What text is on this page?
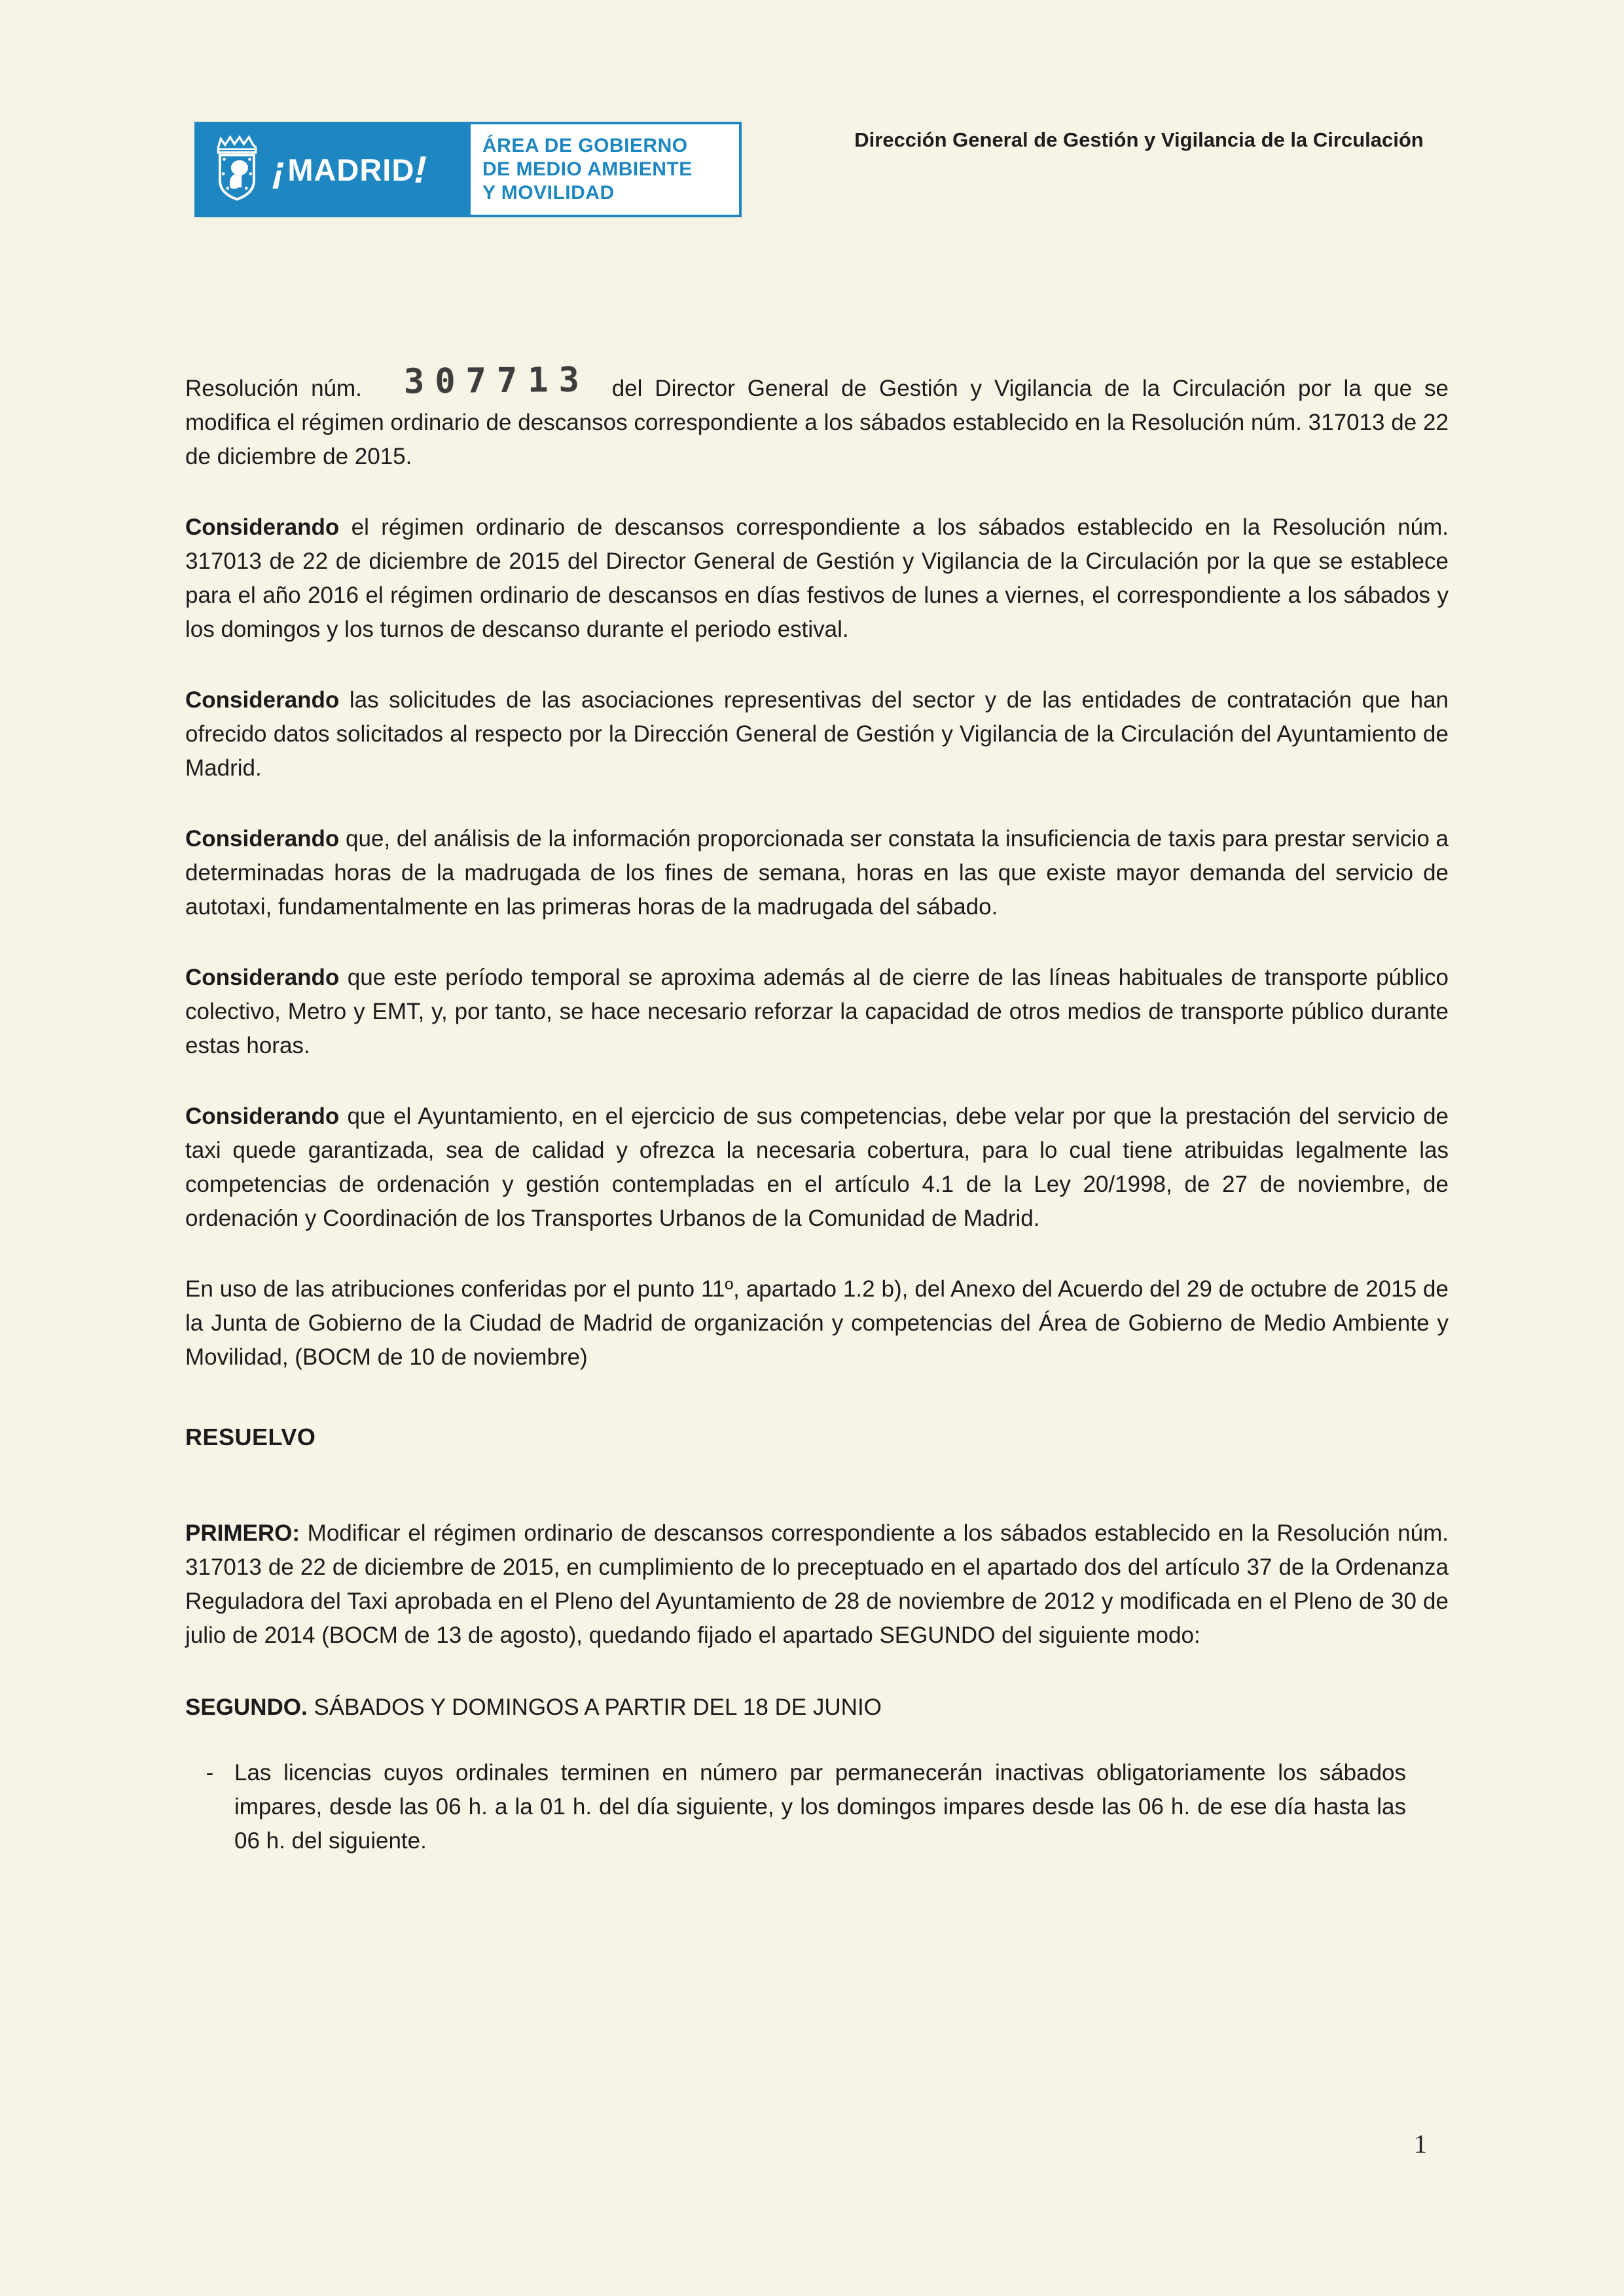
¡
MADRID
!
ÁREA DE GOBIERNO
DE MEDIO AMBIENTE
Y MOVILIDAD
Dirección General de Gestión y Vigilancia de la Circulación

Resolución núm. 307713 del Director General de Gestión y Vigilancia de la Circulación por la que se modifica el régimen ordinario de descansos correspondiente a los sábados establecido en la Resolución núm. 317013 de 22 de diciembre de 2015.

Considerando el régimen ordinario de descansos correspondiente a los sábados establecido en la Resolución núm. 317013 de 22 de diciembre de 2015 del Director General de Gestión y Vigilancia de la Circulación por la que se establece para el año 2016 el régimen ordinario de descansos en días festivos de lunes a viernes, el correspondiente a los sábados y los domingos y los turnos de descanso durante el periodo estival.

Considerando las solicitudes de las asociaciones representivas del sector y de las entidades de contratación que han ofrecido datos solicitados al respecto por la Dirección General de Gestión y Vigilancia de la Circulación del Ayuntamiento de Madrid.

Considerando que, del análisis de la información proporcionada ser constata la insuficiencia de taxis para prestar servicio a determinadas horas de la madrugada de los fines de semana, horas en las que existe mayor demanda del servicio de autotaxi, fundamentalmente en las primeras horas de la madrugada del sábado.

Considerando que este período temporal se aproxima además al de cierre de las líneas habituales de transporte público colectivo, Metro y EMT, y, por tanto, se hace necesario reforzar la capacidad de otros medios de transporte público durante estas horas.

Considerando que el Ayuntamiento, en el ejercicio de sus competencias, debe velar por que la prestación del servicio de taxi quede garantizada, sea de calidad y ofrezca la necesaria cobertura, para lo cual tiene atribuidas legalmente las competencias de ordenación y gestión contempladas en el artículo 4.1 de la Ley 20/1998, de 27 de noviembre, de ordenación y Coordinación de los Transportes Urbanos de la Comunidad de Madrid.

En uso de las atribuciones conferidas por el punto 11º, apartado 1.2 b), del Anexo del Acuerdo del 29 de octubre de 2015 de la Junta de Gobierno de la Ciudad de Madrid de organización y competencias del Área de Gobierno de Medio Ambiente y Movilidad, (BOCM de 10 de noviembre)

RESUELVO

PRIMERO: Modificar el régimen ordinario de descansos correspondiente a los sábados establecido en la Resolución núm. 317013 de 22 de diciembre de 2015, en cumplimiento de lo preceptuado en el apartado dos del artículo 37 de la Ordenanza Reguladora del Taxi aprobada en el Pleno del Ayuntamiento de 28 de noviembre de 2012 y modificada en el Pleno de 30 de julio de 2014 (BOCM de 13 de agosto), quedando fijado el apartado SEGUNDO del siguiente modo:

SEGUNDO. SÁBADOS Y DOMINGOS A PARTIR DEL 18 DE JUNIO

- Las licencias cuyos ordinales terminen en número par permanecerán inactivas obligatoriamente los sábados impares, desde las 06 h. a la 01 h. del día siguiente, y los domingos impares desde las 06 h. de ese día hasta las 06 h. del siguiente.
1
